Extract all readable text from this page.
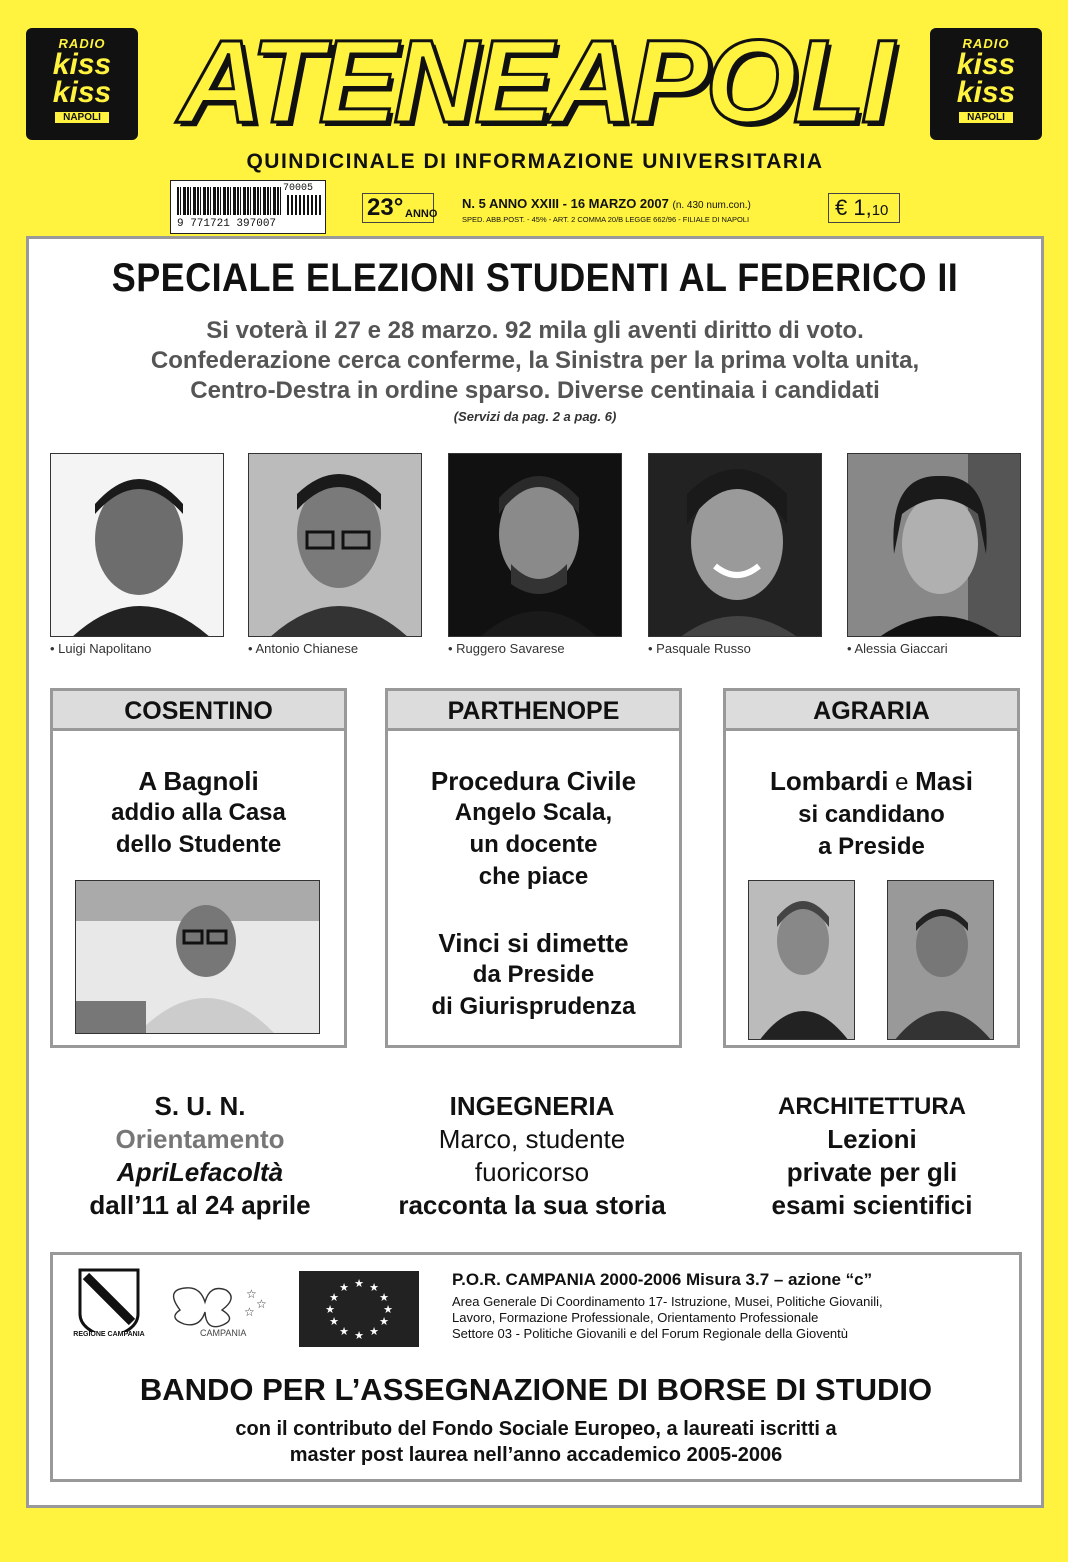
RADIO
kiss
kiss
NAPOLI
RADIO
kiss
kiss
NAPOLI
ATENEAPOLI
QUINDICINALE DI INFORMAZIONE UNIVERSITARIA
9 771721 397007
70005
23° ANNO
N. 5 ANNO XXIII - 16 MARZO 2007 (n. 430 num.con.)
SPED. ABB.POST. - 45% - ART. 2 COMMA 20/B LEGGE 662/96 - FILIALE DI NAPOLI	€ 1,10
SPECIALE ELEZIONI STUDENTI AL FEDERICO II
Si voterà il 27 e 28 marzo. 92 mila gli aventi diritto di voto.
Confederazione cerca conferme, la Sinistra per la prima volta unita,
Centro-Destra in ordine sparso. Diverse centinaia i candidati
(Servizi da pag. 2 a pag. 6)
• Luigi Napolitano	• Antonio Chianese	• Ruggero Savarese	• Pasquale Russo	• Alessia Giaccari
COSENTINO
A Bagnoli
addio alla Casa
dello Studente
PARTHENOPE
Procedura Civile
Angelo Scala,
un docente
che piace
Vinci si dimette
da Preside
di Giurisprudenza
AGRARIA
Lombardi e Masi
si candidano
a Preside
S. U. N.
Orientamento
ApriLefacoltà
dall’11 al 24 aprile
INGEGNERIA
Marco, studente
fuoricorso
racconta la sua storia
ARCHITETTURA
Lezioni
private per gli
esami scientifici
REGIONE CAMPANIA
☆
☆
☆
CAMPANIA
★ ★
★
★
★
★
★
★
★
★
★
★	P.O.R. CAMPANIA 2000-2006 Misura 3.7 – azione “c”
Area Generale Di Coordinamento 17- Istruzione, Musei, Politiche Giovanili,
Lavoro, Formazione Professionale, Orientamento Professionale
Settore 03 - Politiche Giovanili e del Forum Regionale della Gioventù
BANDO PER L’ASSEGNAZIONE DI BORSE DI STUDIO
con il contributo del Fondo Sociale Europeo, a laureati iscritti a
master post laurea nell’anno accademico 2005-2006
